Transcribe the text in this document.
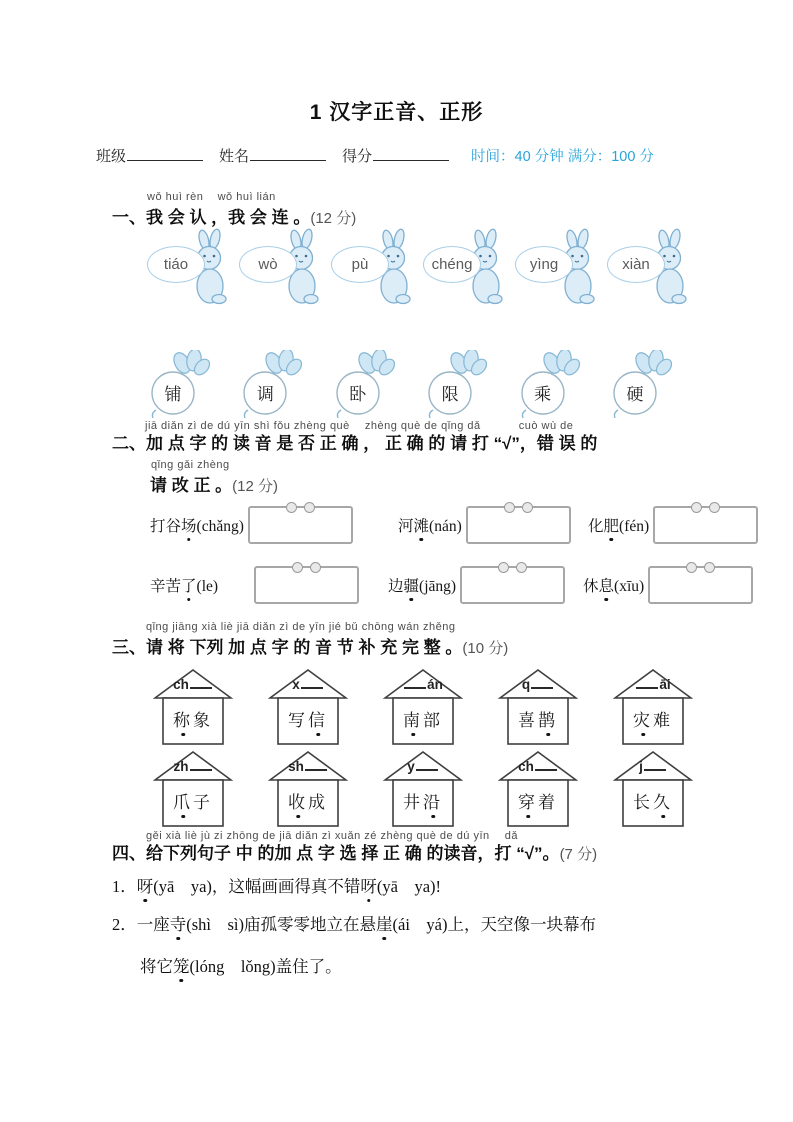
1 汉字正音、正形
班级	姓名	得分	时间：40 分钟 满分：100 分
wǒ huì rèn wǒ huì lián
一、我 会 认 ，我 会 连 。(12 分)
tiáo	wò	pù	chéng	yìng	xiàn
铺	调	卧	限	乘	硬
jiā diǎn zì de dú yīn shì fǒu zhèng què　 zhèng què de qǐng dǎ　　　 cuò wù de
二、加 点 字 的 读 音 是 否 正 确 ， 正 确 的 请 打 “√”，错 误 的
qǐng gǎi zhèng
请 改 正 。(12 分)
打谷场(chǎng)	河滩(nán)	化肥(fén)
辛苦了(le)	边疆(jāng)	休息(xīu)
qǐng jiāng xià liè jiā diǎn zì de yīn jié bǔ chōng wán zhěng
三、请 将 下列 加 点 字 的 音 节 补 充 完 整 。(10 分)
ch
称象
x
写信
án
南部
q
喜鹊
āi
灾难
zh
爪子
sh
收成
y
井沿
ch
穿着
j
长久
gěi xià liè jù zi zhōng de jiā diǎn zì xuǎn zé zhèng què de dú yīn　 dǎ
四、给下列句子 中 的加 点 字 选 择 正 确 的读音，打 “√”。(7 分)
1．呀(yā　ya)，这幅画画得真不错呀(yā　ya)!
2．一座寺(shì　sì)庙孤零零地立在悬崖(ái　yá)上，天空像一块幕布
将它笼(lóng　lǒng)盖住了。
